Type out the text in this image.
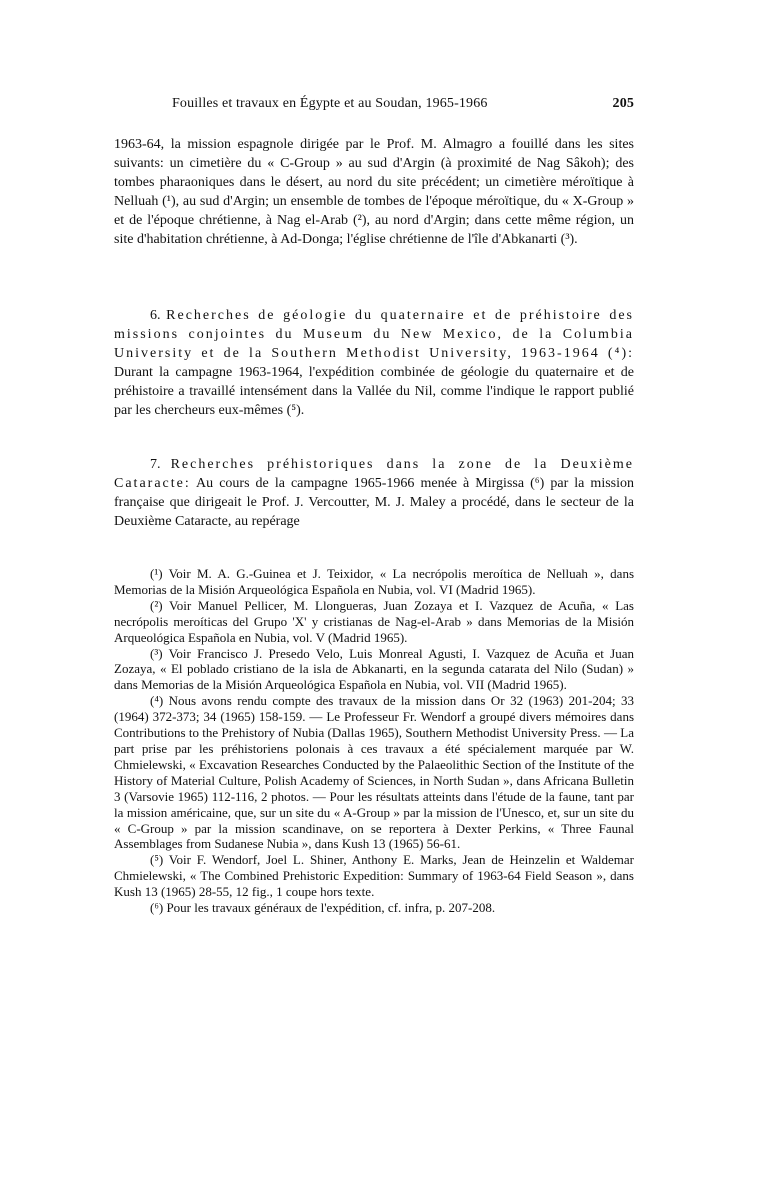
Fouilles et travaux en Égypte et au Soudan, 1965-1966	205

1963-64, la mission espagnole dirigée par le Prof. M. Almagro a fouillé dans les sites suivants: un cimetière du « C-Group » au sud d'Argin (à proximité de Nag Sâkoh); des tombes pharaoniques dans le désert, au nord du site précédent; un cimetière méroïtique à Nelluah (¹), au sud d'Argin; un ensemble de tombes de l'époque méroïtique, du « X-Group » et de l'époque chrétienne, à Nag el-Arab (²), au nord d'Argin; dans cette même région, un site d'habitation chrétienne, à Ad-Donga; l'église chrétienne de l'île d'Abkanarti (³).

6. Recherches de géologie du quaternaire et de préhistoire des missions conjointes du Museum du New Mexico, de la Columbia University et de la Southern Methodist University, 1963-1964 (⁴): Durant la campagne 1963-1964, l'expédition combinée de géologie du quaternaire et de préhistoire a travaillé intensément dans la Vallée du Nil, comme l'indique le rapport publié par les chercheurs eux-mêmes (⁵).

7. Recherches préhistoriques dans la zone de la Deuxième Cataracte: Au cours de la campagne 1965-1966 menée à Mirgissa (⁶) par la mission française que dirigeait le Prof. J. Vercoutter, M. J. Maley a procédé, dans le secteur de la Deuxième Cataracte, au repérage

(¹) Voir M. A. G.-Guinea et J. Teixidor, « La necrópolis meroítica de Nelluah », dans Memorias de la Misión Arqueológica Española en Nubia, vol. VI (Madrid 1965).

(²) Voir Manuel Pellicer, M. Llongueras, Juan Zozaya et I. Vazquez de Acuña, « Las necrópolis meroíticas del Grupo 'X' y cristianas de Nag-el-Arab » dans Memorias de la Misión Arqueológica Española en Nubia, vol. V (Madrid 1965).

(³) Voir Francisco J. Presedo Velo, Luis Monreal Agusti, I. Vazquez de Acuña et Juan Zozaya, « El poblado cristiano de la isla de Abkanarti, en la segunda catarata del Nilo (Sudan) » dans Memorias de la Misión Arqueológica Española en Nubia, vol. VII (Madrid 1965).

(⁴) Nous avons rendu compte des travaux de la mission dans Or 32 (1963) 201-204; 33 (1964) 372-373; 34 (1965) 158-159. — Le Professeur Fr. Wendorf a groupé divers mémoires dans Contributions to the Prehistory of Nubia (Dallas 1965), Southern Methodist University Press. — La part prise par les préhistoriens polonais à ces travaux a été spécialement marquée par W. Chmielewski, « Excavation Researches Conducted by the Palaeolithic Section of the Institute of the History of Material Culture, Polish Academy of Sciences, in North Sudan », dans Africana Bulletin 3 (Varsovie 1965) 112-116, 2 photos. — Pour les résultats atteints dans l'étude de la faune, tant par la mission américaine, que, sur un site du « A-Group » par la mission de l'Unesco, et, sur un site du « C-Group » par la mission scandinave, on se reportera à Dexter Perkins, « Three Faunal Assemblages from Sudanese Nubia », dans Kush 13 (1965) 56-61.

(⁵) Voir F. Wendorf, Joel L. Shiner, Anthony E. Marks, Jean de Heinzelin et Waldemar Chmielewski, « The Combined Prehistoric Expedition: Summary of 1963-64 Field Season », dans Kush 13 (1965) 28-55, 12 fig., 1 coupe hors texte.

(⁶) Pour les travaux généraux de l'expédition, cf. infra, p. 207-208.
